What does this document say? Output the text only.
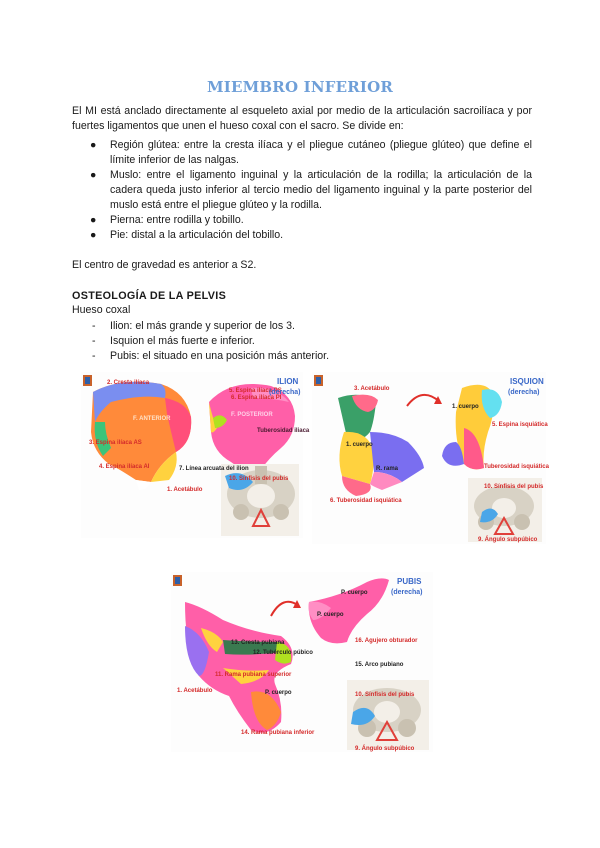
MIEMBRO INFERIOR

El MI está anclado directamente al esqueleto axial por medio de la articulación sacroilíaca y por fuertes ligamentos que unen el hueso coxal con el sacro. Se divide en:

● Región glútea: entre la cresta ilíaca y el pliegue cutáneo (pliegue glúteo) que define el límite inferior de las nalgas.
● Muslo: entre el ligamento inguinal y la articulación de la rodilla; la articulación de la cadera queda justo inferior al tercio medio del ligamento inguinal y la parte posterior del muslo está entre el pliegue glúteo y la rodilla.
● Pierna: entre rodilla y tobillo.
● Pie: distal a la articulación del tobillo.

El centro de gravedad es anterior a S2.

OSTEOLOGÍA DE LA PELVIS
Hueso coxal
- Ilion: el más grande y superior de los 3.
- Isquion el más fuerte e inferior.
- Pubis: el situado en una posición más anterior.
F. ANTERIOR
F. POSTERIOR
Tuberosidad iliaca
2. Cresta ilíaca
3. Espina ilíaca AS
4. Espina ilíaca AI
5. Espina ilíaca PS
6. Espina ilíaca PI
7. Línea arcuata del ilion
1. Acetábulo
10. Sínfisis del pubis
ILION
(derecha)	3. Acetábulo
1. cuerpo
1. cuerpo
R. rama
5. Espina isquiática
6. Tuberosidad isquiática
Tuberosidad isquiática
10. Sínfisis del pubis
9. Ángulo subpúbico
ISQUION
(derecha)
P. cuerpo
P. cuerpo
13. Cresta pubiana
12. Tubérculo púbico
11. Rama pubiana superior
1. Acetábulo	P. cuerpo
14. Rama pubiana inferior
16. Agujero obturador
15. Arco pubiano
10. Sínfisis del pubis
9. Ángulo subpúbico
PUBIS
(derecha)
